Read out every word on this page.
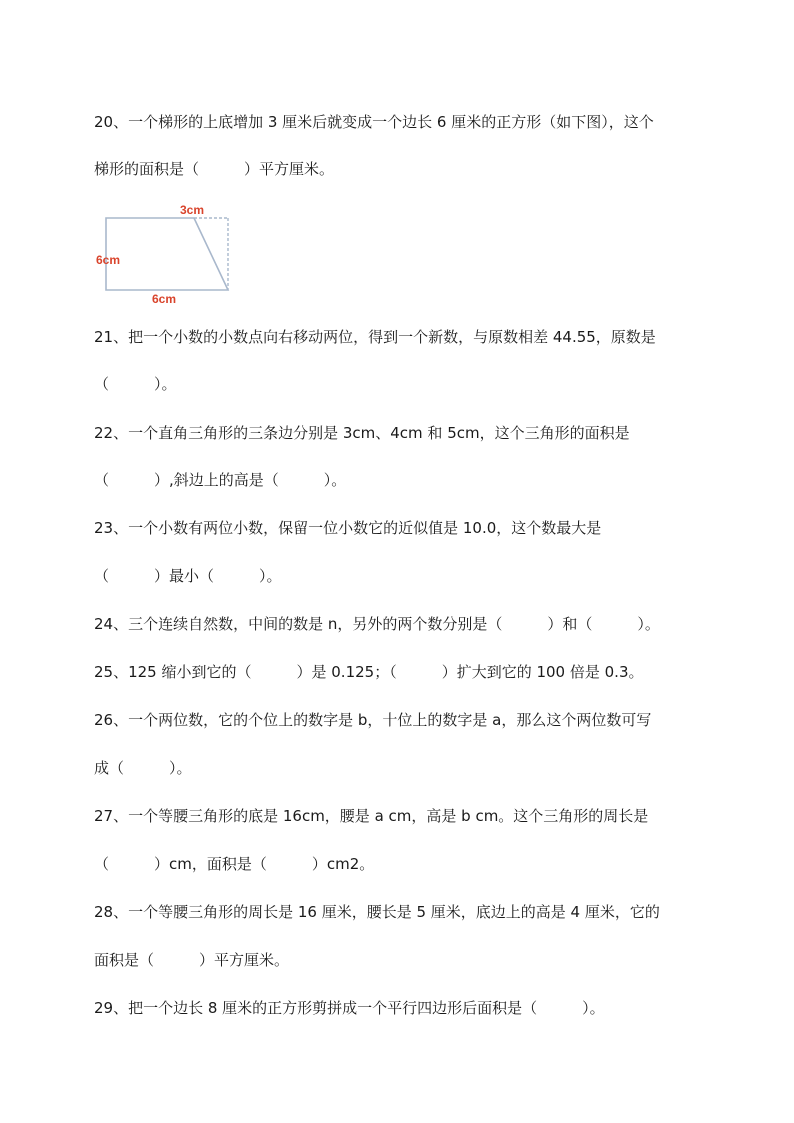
20、一个梯形的上底增加 3 厘米后就变成一个边长 6 厘米的正方形（如下图），这个
梯形的面积是（　　　）平方厘米。
3cm
6cm
6cm
21、把一个小数的小数点向右移动两位，得到一个新数，与原数相差 44.55，原数是
（　　　）。
22、一个直角三角形的三条边分别是 3cm、4cm 和 5cm，这个三角形的面积是
（　　　）,斜边上的高是（　　　）。
23、一个小数有两位小数，保留一位小数它的近似值是 10.0，这个数最大是
（　　　）最小（　　　）。
24、三个连续自然数，中间的数是 n，另外的两个数分别是（　　　）和（　　　）。
25、125 缩小到它的（　　　）是 0.125；（　　　）扩大到它的 100 倍是 0.3。
26、一个两位数，它的个位上的数字是 b，十位上的数字是 a，那么这个两位数可写
成（　　　）。
27、一个等腰三角形的底是 16cm，腰是 a cm，高是 b cm。这个三角形的周长是
（　　　）cm，面积是（　　　）cm2。
28、一个等腰三角形的周长是 16 厘米，腰长是 5 厘米，底边上的高是 4 厘米，它的
面积是（　　　）平方厘米。
29、把一个边长 8 厘米的正方形剪拼成一个平行四边形后面积是（　　　）。
